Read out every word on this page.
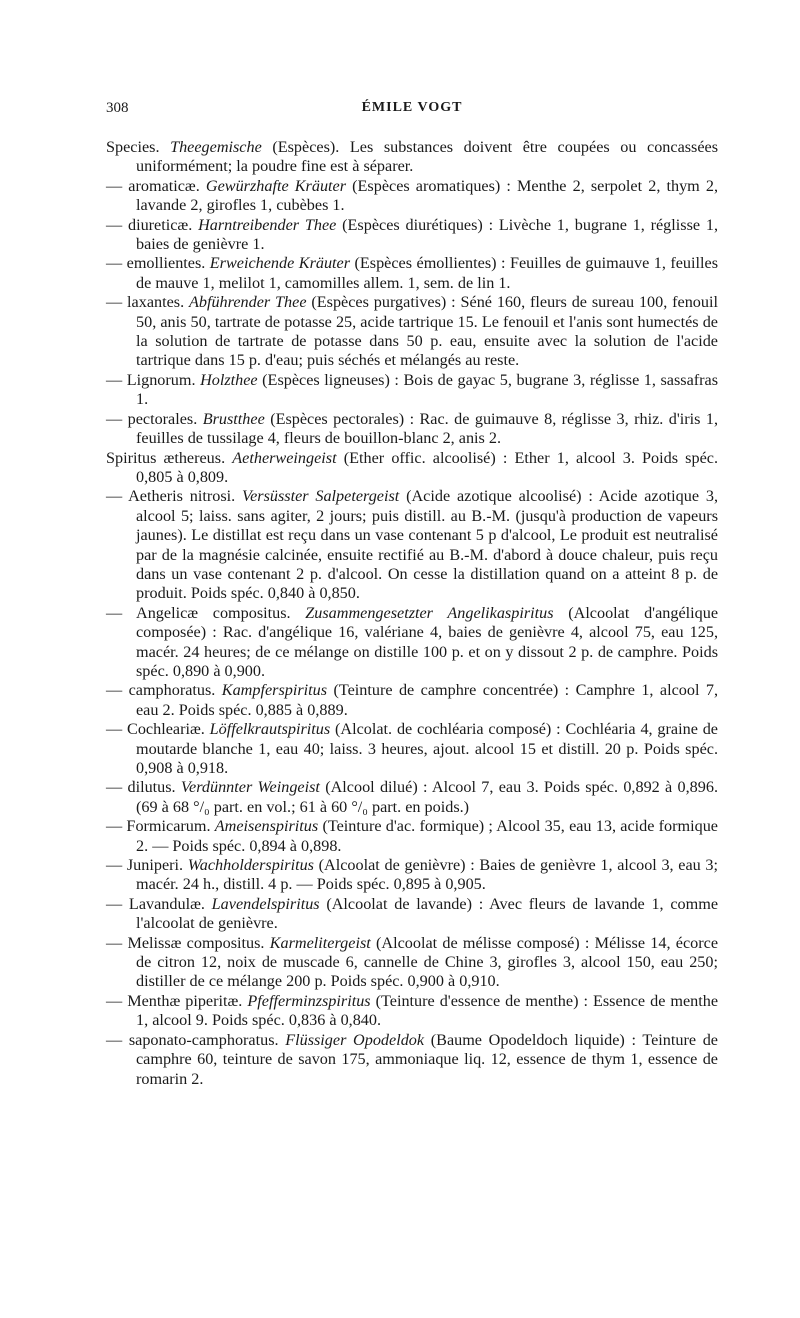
308	ÉMILE VOGT

Species. Theegemische (Espèces). Les substances doivent être coupées ou concassées uniformément; la poudre fine est à séparer.

— aromaticæ. Gewürzhafte Kräuter (Espèces aromatiques) : Menthe 2, serpolet 2, thym 2, lavande 2, girofles 1, cubèbes 1.

— diureticæ. Harntreibender Thee (Espèces diurétiques) : Livèche 1, bugrane 1, réglisse 1, baies de genièvre 1.

— emollientes. Erweichende Kräuter (Espèces émollientes) : Feuilles de guimauve 1, feuilles de mauve 1, melilot 1, camomilles allem. 1, sem. de lin 1.

— laxantes. Abführender Thee (Espèces purgatives) : Séné 160, fleurs de sureau 100, fenouil 50, anis 50, tartrate de potasse 25, acide tartrique 15. Le fenouil et l'anis sont humectés de la solution de tartrate de potasse dans 50 p. eau, ensuite avec la solution de l'acide tartrique dans 15 p. d'eau; puis séchés et mélangés au reste.

— Lignorum. Holzthee (Espèces ligneuses) : Bois de gayac 5, bugrane 3, réglisse 1, sassafras 1.

— pectorales. Brustthee (Espèces pectorales) : Rac. de guimauve 8, réglisse 3, rhiz. d'iris 1, feuilles de tussilage 4, fleurs de bouillon-blanc 2, anis 2.

Spiritus æthereus. Aetherweingeist (Ether offic. alcoolisé) : Ether 1, alcool 3. Poids spéc. 0,805 à 0,809.

— Aetheris nitrosi. Versüsster Salpetergeist (Acide azotique alcoolisé) : Acide azotique 3, alcool 5; laiss. sans agiter, 2 jours; puis distill. au B.-M. (jusqu'à production de vapeurs jaunes). Le distillat est reçu dans un vase contenant 5 p d'alcool, Le produit est neutralisé par de la magnésie calcinée, ensuite rectifié au B.-M. d'abord à douce chaleur, puis reçu dans un vase contenant 2 p. d'alcool. On cesse la distillation quand on a atteint 8 p. de produit. Poids spéc. 0,840 à 0,850.

— Angelicæ compositus. Zusammengesetzter Angelikaspiritus (Alcoolat d'angélique composée) : Rac. d'angélique 16, valériane 4, baies de genièvre 4, alcool 75, eau 125, macér. 24 heures; de ce mélange on distille 100 p. et on y dissout 2 p. de camphre. Poids spéc. 0,890 à 0,900.

— camphoratus. Kampferspiritus (Teinture de camphre concentrée) : Camphre 1, alcool 7, eau 2. Poids spéc. 0,885 à 0,889.

— Cochleariæ. Löffelkrautspiritus (Alcolat. de cochléaria composé) : Cochléaria 4, graine de moutarde blanche 1, eau 40; laiss. 3 heures, ajout. alcool 15 et distill. 20 p. Poids spéc. 0,908 à 0,918.

— dilutus. Verdünnter Weingeist (Alcool dilué) : Alcool 7, eau 3. Poids spéc. 0,892 à 0,896. (69 à 68 °/₀ part. en vol.; 61 à 60 °/₀ part. en poids.)

— Formicarum. Ameisenspiritus (Teinture d'ac. formique) ; Alcool 35, eau 13, acide formique 2. — Poids spéc. 0,894 à 0,898.

— Juniperi. Wachholderspiritus (Alcoolat de genièvre) : Baies de genièvre 1, alcool 3, eau 3; macér. 24 h., distill. 4 p. — Poids spéc. 0,895 à 0,905.

— Lavandulæ. Lavendelspiritus (Alcoolat de lavande) : Avec fleurs de lavande 1, comme l'alcoolat de genièvre.

— Melissæ compositus. Karmelitergeist (Alcoolat de mélisse composé) : Mélisse 14, écorce de citron 12, noix de muscade 6, cannelle de Chine 3, girofles 3, alcool 150, eau 250; distiller de ce mélange 200 p. Poids spéc. 0,900 à 0,910.

— Menthæ piperitæ. Pfefferminzspiritus (Teinture d'essence de menthe) : Essence de menthe 1, alcool 9. Poids spéc. 0,836 à 0,840.

— saponato-camphoratus. Flüssiger Opodeldok (Baume Opodeldoch liquide) : Teinture de camphre 60, teinture de savon 175, ammoniaque liq. 12, essence de thym 1, essence de romarin 2.
